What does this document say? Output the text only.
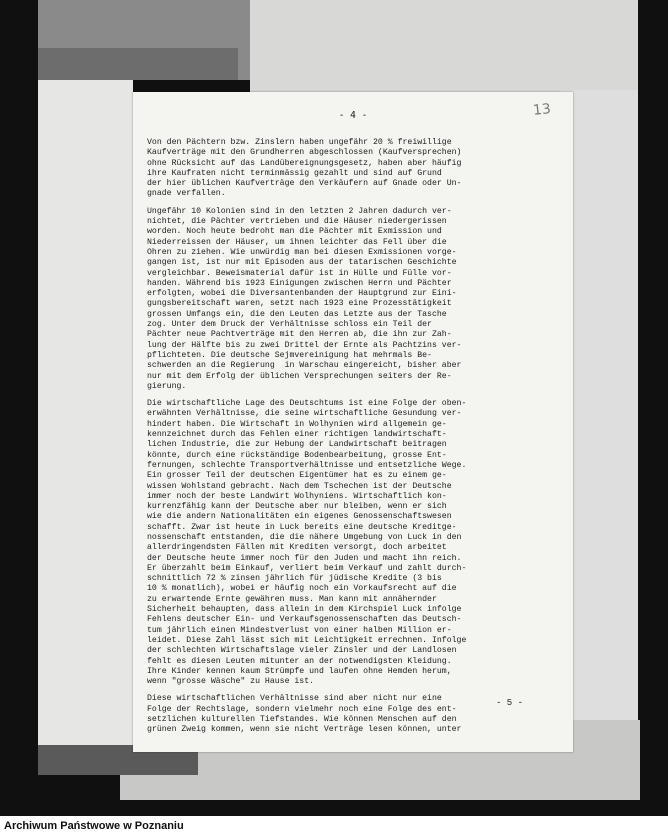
- 4 -	13
Von den Pächtern bzw. Zinslern haben ungefähr 20 % freiwillige
Kaufverträge mit den Grundherren abgeschlossen (Kaufversprechen)
ohne Rücksicht auf das Landübereignungsgesetz, haben aber häufig
ihre Kaufraten nicht terminmässig gezahlt und sind auf Grund
der hier üblichen Kaufverträge den Verkäufern auf Gnade oder Un-
gnade verfallen.
Ungefähr 10 Kolonien sind in den letzten 2 Jahren dadurch ver-
nichtet, die Pächter vertrieben und die Häuser niedergerissen
worden. Noch heute bedroht man die Pächter mit Exmission und
Niederreissen der Häuser, um ihnen leichter das Fell über die
Ohren zu ziehen. Wie unwürdig man bei diesen Exmissionen vorge-
gangen ist, ist nur mit Episoden aus der tatarischen Geschichte
vergleichbar. Beweismaterial dafür ist in Hülle und Fülle vor-
handen. Während bis 1923 Einigungen zwischen Herrn und Pächter
erfolgten, wobei die Diversantenbanden der Hauptgrund zur Eini-
gungsbereitschaft waren, setzt nach 1923 eine Prozesstätigkeit
grossen Umfangs ein, die den Leuten das Letzte aus der Tasche
zog. Unter dem Druck der Verhältnisse schloss ein Teil der
Pächter neue Pachtverträge mit den Herren ab, die ihn zur Zah-
lung der Hälfte bis zu zwei Drittel der Ernte als Pachtzins ver-
pflichteten. Die deutsche Sejmvereinigung hat mehrmals Be-
schwerden an die Regierung  in Warschau eingereicht, bisher aber
nur mit dem Erfolg der üblichen Versprechungen seiters der Re-
gierung.
Die wirtschaftliche Lage des Deutschtums ist eine Folge der oben-
erwähnten Verhältnisse, die seine wirtschaftliche Gesundung ver-
hindert haben. Die Wirtschaft in Wolhynien wird allgemein ge-
kennzeichnet durch das Fehlen einer richtigen landwirtschaft-
lichen Industrie, die zur Hebung der Landwirtschaft beitragen
könnte, durch eine rückständige Bodenbearbeitung, grosse Ent-
fernungen, schlechte Transportverhältnisse und entsetzliche Wege.
Ein grosser Teil der deutschen Eigentümer hat es zu einem ge-
wissen Wohlstand gebracht. Nach dem Tschechen ist der Deutsche
immer noch der beste Landwirt Wolhyniens. Wirtschaftlich kon-
kurrenzfähig kann der Deutsche aber nur bleiben, wenn er sich
wie die andern Nationalitäten ein eigenes Genossenschaftswesen
schafft. Zwar ist heute in Luck bereits eine deutsche Kreditge-
nossenschaft entstanden, die die nähere Umgebung von Luck in den
allerdringendsten Fällen mit Krediten versorgt, doch arbeitet
der Deutsche heute immer noch für den Juden und macht ihn reich.
Er überzahlt beim Einkauf, verliert beim Verkauf und zahlt durch-
schnittlich 72 % zinsen jährlich für jüdische Kredite (3 bis
10 % monatlich), wobei er häufig noch ein Vorkaufsrecht auf die
zu erwartende Ernte gewähren muss. Man kann mit annähernder
Sicherheit behaupten, dass allein in dem Kirchspiel Luck infolge
Fehlens deutscher Ein- und Verkaufsgenossenschaften das Deutsch-
tum jährlich einen Mindestverlust von einer halben Million er-
leidet. Diese Zahl lässt sich mit Leichtigkeit errechnen. Infolge
der schlechten Wirtschaftslage vieler Zinsler und der Landlosen
fehlt es diesen Leuten mitunter an der notwendigsten Kleidung.
Ihre Kinder kennen kaum Strümpfe und laufen ohne Hemden herum,
wenn "grosse Wäsche" zu Hause ist.
Diese wirtschaftlichen Verhältnisse sind aber nicht nur eine
Folge der Rechtslage, sondern vielmehr noch eine Folge des ent-
setzlichen kulturellen Tiefstandes. Wie können Menschen auf den
grünen Zweig kommen, wenn sie nicht Verträge lesen können, unter
- 5 -
Archiwum Państwowe w Poznaniu
